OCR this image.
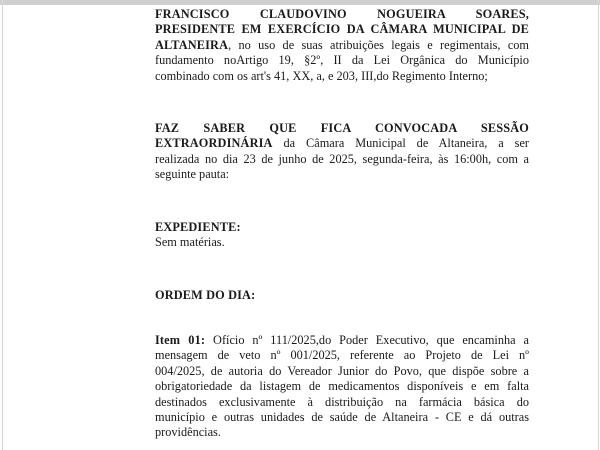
FRANCISCO CLAUDOVINO NOGUEIRA SOARES,
PRESIDENTE EM EXERCÍCIO DA CÂMARA MUNICIPAL DE
ALTANEIRA, no uso de suas atribuições legais e regimentais, com
fundamento noArtigo 19, §2º, II da Lei Orgânica do Município
combinado com os art's 41, XX, a, e 203, III,do Regimento Interno;
FAZ SABER QUE FICA CONVOCADA SESSÃO
EXTRAORDINÁRIA da Câmara Municipal de Altaneira, a ser
realizada no dia 23 de junho de 2025, segunda-feira, às 16:00h, com a
seguinte pauta:
EXPEDIENTE:
Sem matérias.
ORDEM DO DIA:
Item 01: Ofício nº 111/2025,do Poder Executivo, que encaminha a
mensagem de veto nº 001/2025, referente ao Projeto de Lei nº
004/2025, de autoria do Vereador Junior do Povo, que dispõe sobre a
obrigatoriedade da listagem de medicamentos disponíveis e em falta
destinados exclusivamente à distribuição na farmácia básica do
município e outras unidades de saúde de Altaneira - CE e dá outras
providências.
